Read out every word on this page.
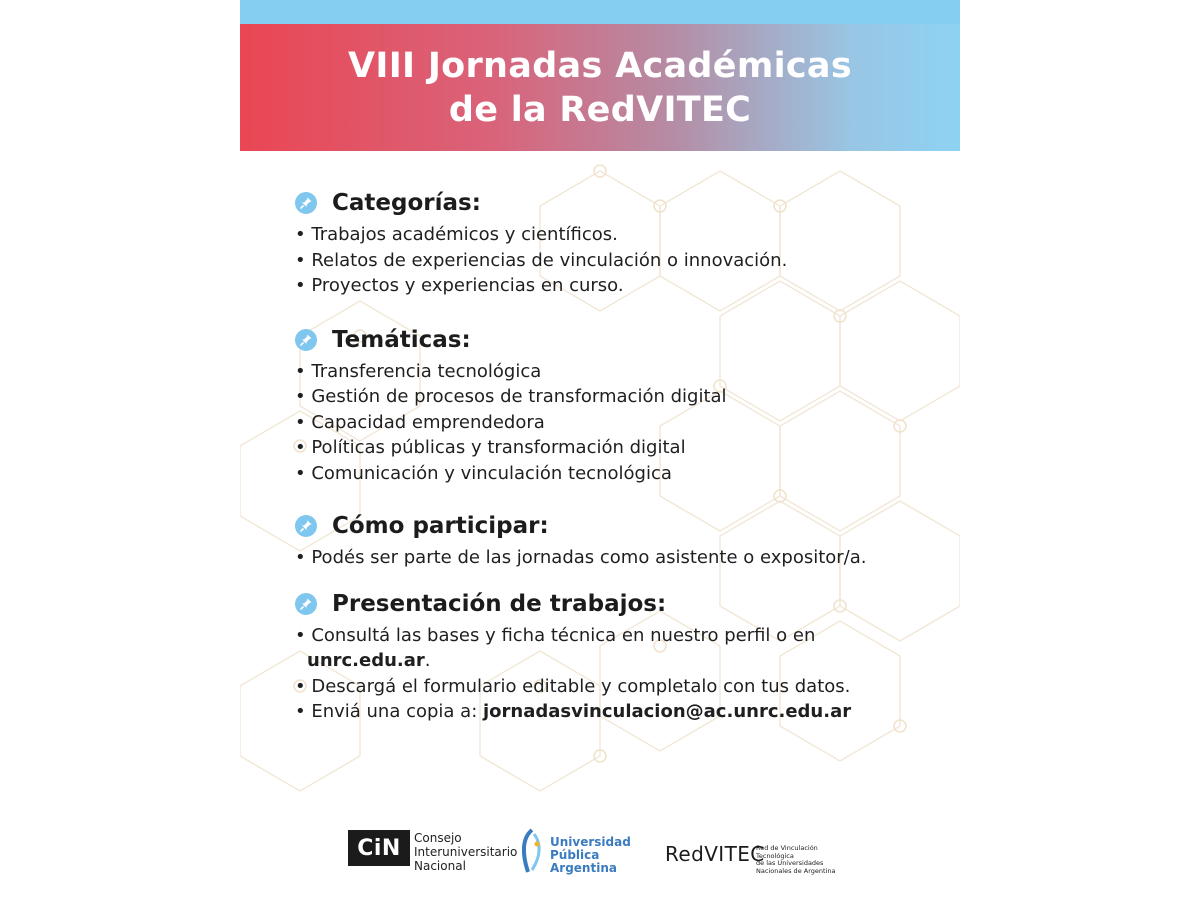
VIII Jornadas Académicas de la RedVITEC
Categorías:
• Trabajos académicos y científicos.
• Relatos de experiencias de vinculación o innovación.
• Proyectos y experiencias en curso.
Temáticas:
• Transferencia tecnológica
• Gestión de procesos de transformación digital
• Capacidad emprendedora
• Políticas públicas y transformación digital
• Comunicación y vinculación tecnológica
Cómo participar:
• Podés ser parte de las jornadas como asistente o expositor/a.
Presentación de trabajos:
• Consultá las bases y ficha técnica en nuestro perfil o en
unrc.edu.ar.
• Descargá el formulario editable y completalo con tus datos.
• Enviá una copia a: jornadasvinculacion@ac.unrc.edu.ar
CiN	Consejo
Interuniversitario
Nacional
Universidad
Pública
Argentina
RedVITEC
Red de Vinculación Tecnológica
de las Universidades
Nacionales de Argentina
